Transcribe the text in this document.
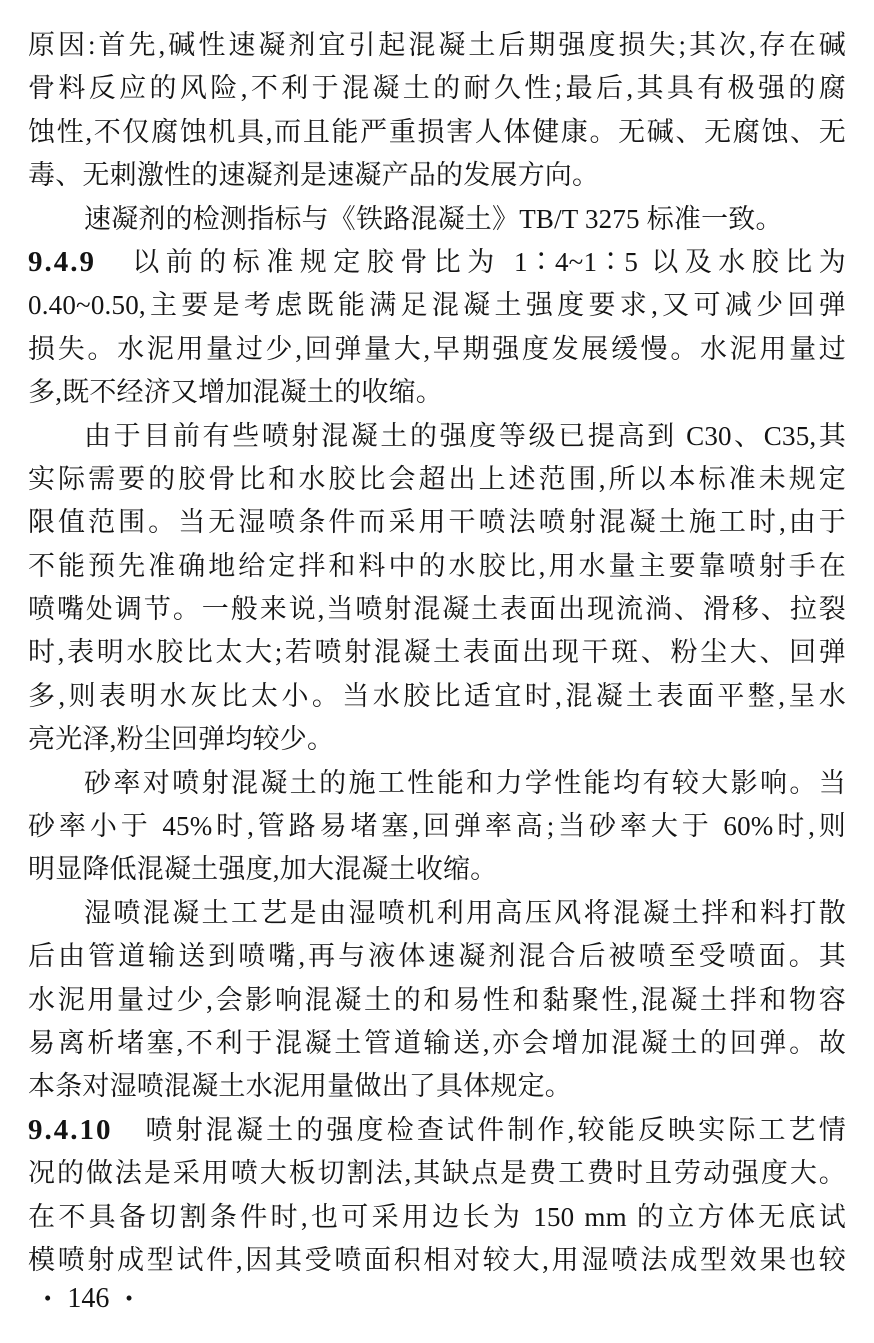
原因:首先,碱性速凝剂宜引起混凝土后期强度损失;其次,存在碱
骨料反应的风险,不利于混凝土的耐久性;最后,其具有极强的腐
蚀性,不仅腐蚀机具,而且能严重损害人体健康。无碱、无腐蚀、无
毒、无刺激性的速凝剂是速凝产品的发展方向。
速凝剂的检测指标与《铁路混凝土》TB/T 3275 标准一致。
9.4.9 以前的标准规定胶骨比为 1∶4~1∶5 以及水胶比为
0.40~0.50,主要是考虑既能满足混凝土强度要求,又可减少回弹
损失。水泥用量过少,回弹量大,早期强度发展缓慢。水泥用量过
多,既不经济又增加混凝土的收缩。
由于目前有些喷射混凝土的强度等级已提高到 C30、C35,其
实际需要的胶骨比和水胶比会超出上述范围,所以本标准未规定
限值范围。当无湿喷条件而采用干喷法喷射混凝土施工时,由于
不能预先准确地给定拌和料中的水胶比,用水量主要靠喷射手在
喷嘴处调节。一般来说,当喷射混凝土表面出现流淌、滑移、拉裂
时,表明水胶比太大;若喷射混凝土表面出现干斑、粉尘大、回弹
多,则表明水灰比太小。当水胶比适宜时,混凝土表面平整,呈水
亮光泽,粉尘回弹均较少。
砂率对喷射混凝土的施工性能和力学性能均有较大影响。当
砂率小于 45%时,管路易堵塞,回弹率高;当砂率大于 60%时,则
明显降低混凝土强度,加大混凝土收缩。
湿喷混凝土工艺是由湿喷机利用高压风将混凝土拌和料打散
后由管道输送到喷嘴,再与液体速凝剂混合后被喷至受喷面。其
水泥用量过少,会影响混凝土的和易性和黏聚性,混凝土拌和物容
易离析堵塞,不利于混凝土管道输送,亦会增加混凝土的回弹。故
本条对湿喷混凝土水泥用量做出了具体规定。
9.4.10 喷射混凝土的强度检查试件制作,较能反映实际工艺情
况的做法是采用喷大板切割法,其缺点是费工费时且劳动强度大。
在不具备切割条件时,也可采用边长为 150 mm 的立方体无底试
模喷射成型试件,因其受喷面积相对较大,用湿喷法成型效果也较
• 146 •
